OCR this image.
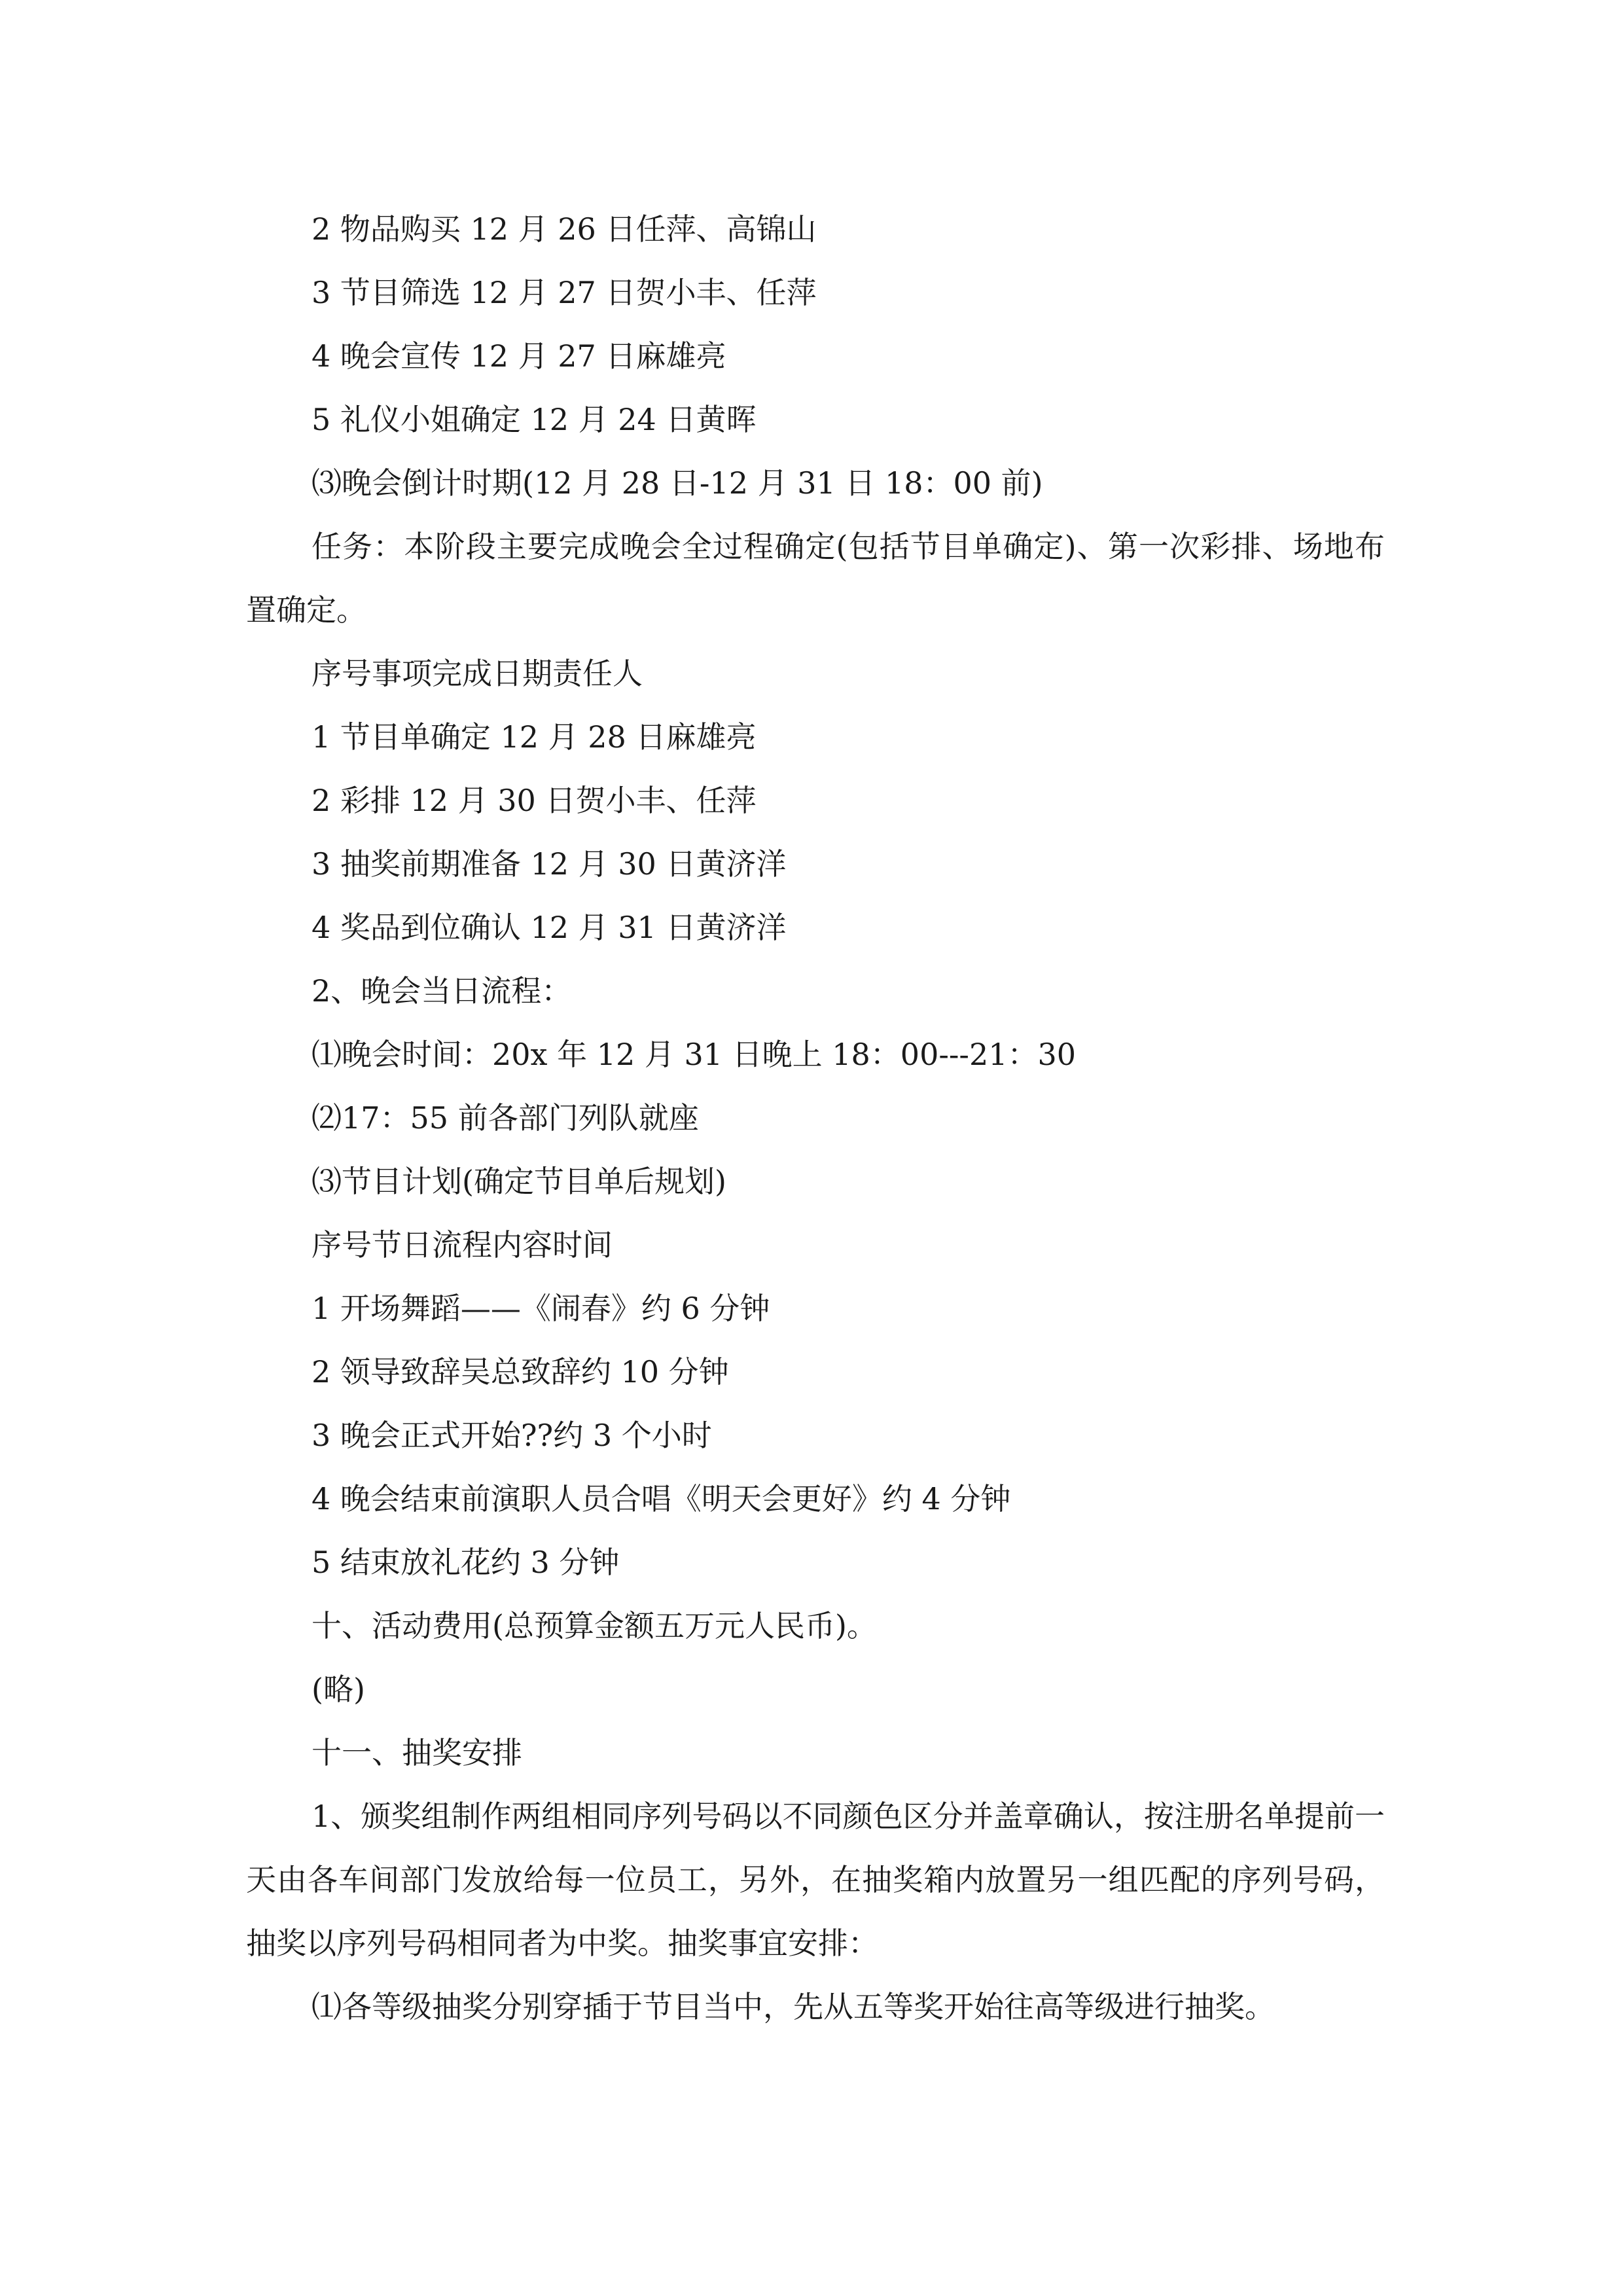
2 物品购买 12 月 26 日任萍、高锦山

3 节目筛选 12 月 27 日贺小丰、任萍

4 晚会宣传 12 月 27 日麻雄亮

5 礼仪小姐确定 12 月 24 日黄晖

⑶晚会倒计时期(12 月 28 日-12 月 31 日 18：00 前)

任务：本阶段主要完成晚会全过程确定(包括节目单确定)、第一次彩排、场地布置确定。

序号事项完成日期责任人

1 节目单确定 12 月 28 日麻雄亮

2 彩排 12 月 30 日贺小丰、任萍

3 抽奖前期准备 12 月 30 日黄济洋

4 奖品到位确认 12 月 31 日黄济洋

2、晚会当日流程：

⑴晚会时间：20x 年 12 月 31 日晚上 18：00---21：30

⑵17：55 前各部门列队就座

⑶节目计划(确定节目单后规划)

序号节日流程内容时间

1 开场舞蹈——《闹春》约 6 分钟

2 领导致辞吴总致辞约 10 分钟

3 晚会正式开始??约 3 个小时

4 晚会结束前演职人员合唱《明天会更好》约 4 分钟

5 结束放礼花约 3 分钟

十、活动费用(总预算金额五万元人民币)。

(略)

十一、抽奖安排

1、颁奖组制作两组相同序列号码以不同颜色区分并盖章确认，按注册名单提前一天由各车间部门发放给每一位员工，另外，在抽奖箱内放置另一组匹配的序列号码，抽奖以序列号码相同者为中奖。抽奖事宜安排：

⑴各等级抽奖分别穿插于节目当中，先从五等奖开始往高等级进行抽奖。
